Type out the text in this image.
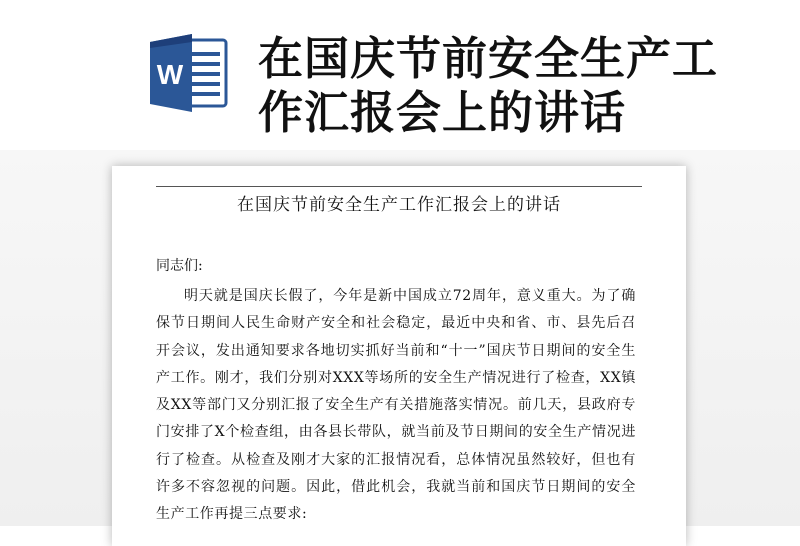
W 在国庆节前安全生产工作汇报会上的讲话
在国庆节前安全生产工作汇报会上的讲话
同志们:

明天就是国庆长假了，今年是新中国成立72周年，意义重大。为了确保节日期间人民生命财产安全和社会稳定，最近中央和省、市、县先后召开会议，发出通知要求各地切实抓好当前和“十一”国庆节日期间的安全生产工作。刚才，我们分别对XXX等场所的安全生产情况进行了检查，XX镇及XX等部门又分别汇报了安全生产有关措施落实情况。前几天，县政府专门安排了X个检查组，由各县长带队，就当前及节日期间的安全生产情况进行了检查。从检查及刚才大家的汇报情况看，总体情况虽然较好，但也有许多不容忽视的问题。因此，借此机会，我就当前和国庆节日期间的安全生产工作再提三点要求:
